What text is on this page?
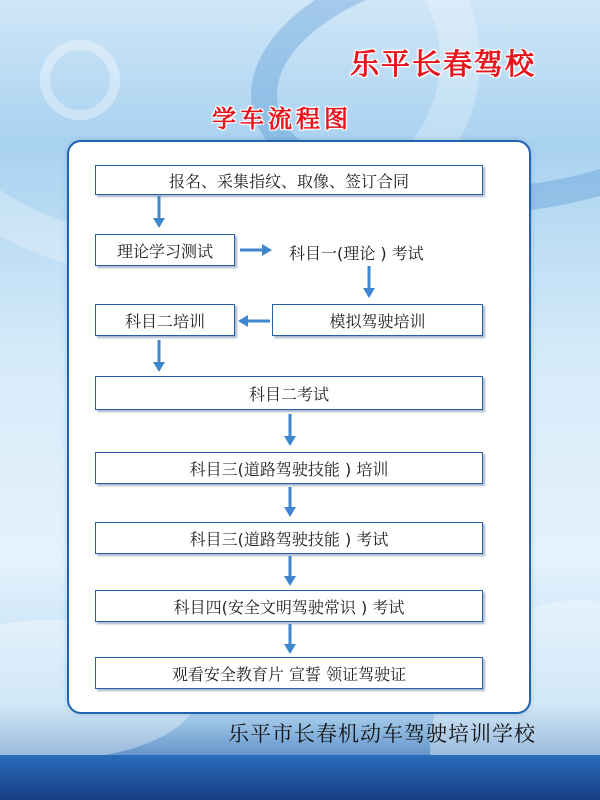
乐平长春驾校
学车流程图
报名、采集指纹、取像、签订合同
理论学习测试	科目一(理论 ) 考试
模拟驾驶培训
科目二培训
科目二考试
科目三(道路驾驶技能 ) 培训
科目三(道路驾驶技能 ) 考试
科目四(安全文明驾驶常识 ) 考试
观看安全教育片 宣誓 领证驾驶证
乐平市长春机动车驾驶培训学校
